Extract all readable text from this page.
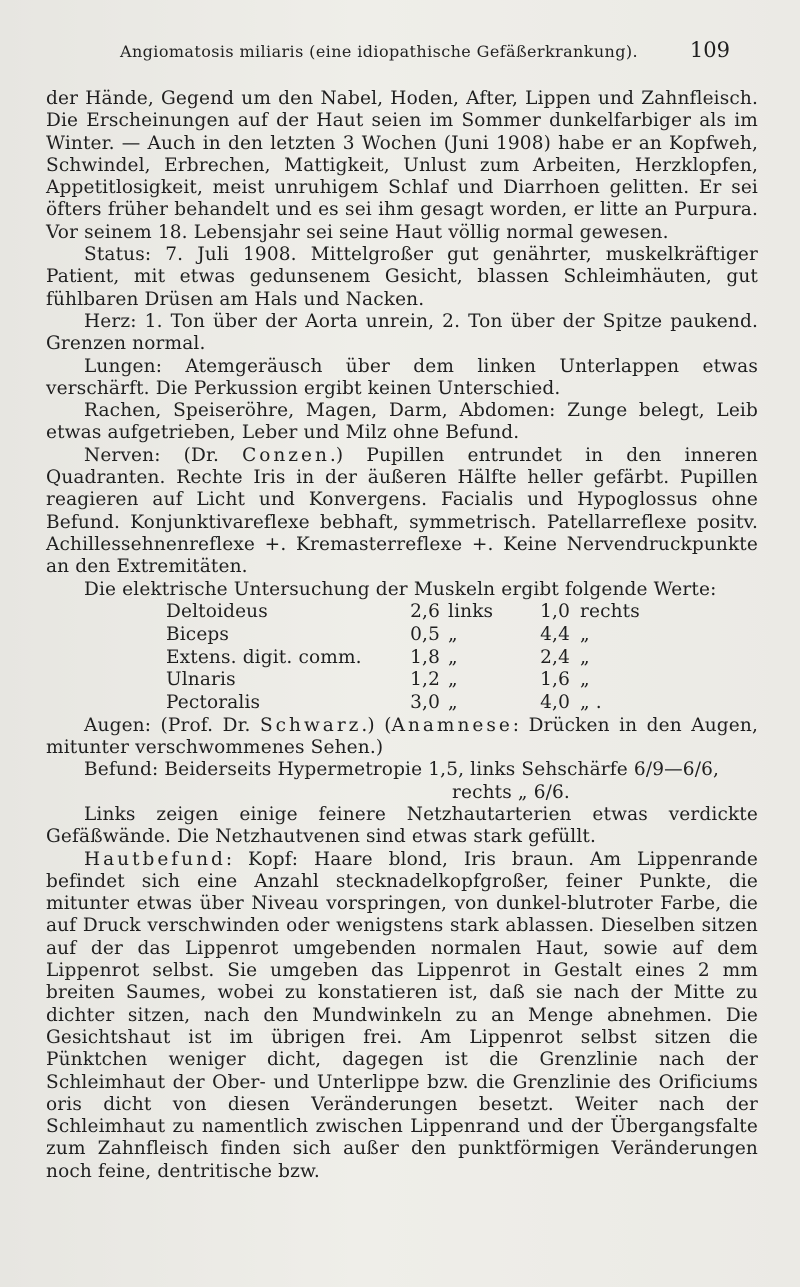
Angiomatosis miliaris (eine idiopathische Gefäßerkrankung). 109

der Hände, Gegend um den Nabel, Hoden, After, Lippen und Zahnfleisch. Die Erscheinungen auf der Haut seien im Sommer dunkelfarbiger als im Winter. — Auch in den letzten 3 Wochen (Juni 1908) habe er an Kopfweh, Schwindel, Erbrechen, Mattigkeit, Unlust zum Arbeiten, Herzklopfen, Appetitlosigkeit, meist unruhigem Schlaf und Diarrhoen gelitten. Er sei öfters früher behandelt und es sei ihm gesagt worden, er litte an Purpura. Vor seinem 18. Lebensjahr sei seine Haut völlig normal gewesen.

Status: 7. Juli 1908. Mittelgroßer gut genährter, muskelkräftiger Patient, mit etwas gedunsenem Gesicht, blassen Schleimhäuten, gut fühlbaren Drüsen am Hals und Nacken.

Herz: 1. Ton über der Aorta unrein, 2. Ton über der Spitze paukend. Grenzen normal.

Lungen: Atemgeräusch über dem linken Unterlappen etwas verschärft. Die Perkussion ergibt keinen Unterschied.

Rachen, Speiseröhre, Magen, Darm, Abdomen: Zunge belegt, Leib etwas aufgetrieben, Leber und Milz ohne Befund.

Nerven: (Dr. Conzen.) Pupillen entrundet in den inneren Quadranten. Rechte Iris in der äußeren Hälfte heller gefärbt. Pupillen reagieren auf Licht und Konvergens. Facialis und Hypoglossus ohne Befund. Konjunktivareflexe bebhaft, symmetrisch. Patellarreflexe positv. Achillessehnenreflexe +. Kremasterreflexe +. Keine Nervendruckpunkte an den Extremitäten.

Die elektrische Untersuchung der Muskeln ergibt folgende Werte:

Deltoideus	2,6	links	1,0	rechts
Biceps	0,5	„	4,4	„
Extens. digit. comm.	1,8	„	2,4	„
Ulnaris	1,2	„	1,6	„
Pectoralis	3,0	„	4,0	„ .

Augen: (Prof. Dr. Schwarz.) (Anamnese: Drücken in den Augen, mitunter verschwommenes Sehen.)

Befund: Beiderseits Hypermetropie 1,5, links Sehschärfe 6/9—6/6,
rechts „ 6/6.

Links zeigen einige feinere Netzhautarterien etwas verdickte Gefäßwände. Die Netzhautvenen sind etwas stark gefüllt.

Hautbefund: Kopf: Haare blond, Iris braun. Am Lippenrande befindet sich eine Anzahl stecknadelkopfgroßer, feiner Punkte, die mitunter etwas über Niveau vorspringen, von dunkel-blutroter Farbe, die auf Druck verschwinden oder wenigstens stark ablassen. Dieselben sitzen auf der das Lippenrot umgebenden normalen Haut, sowie auf dem Lippenrot selbst. Sie umgeben das Lippenrot in Gestalt eines 2 mm breiten Saumes, wobei zu konstatieren ist, daß sie nach der Mitte zu dichter sitzen, nach den Mundwinkeln zu an Menge abnehmen. Die Gesichtshaut ist im übrigen frei. Am Lippenrot selbst sitzen die Pünktchen weniger dicht, dagegen ist die Grenzlinie nach der Schleimhaut der Ober- und Unterlippe bzw. die Grenzlinie des Orificiums oris dicht von diesen Veränderungen besetzt. Weiter nach der Schleimhaut zu namentlich zwischen Lippenrand und der Übergangsfalte zum Zahnfleisch finden sich außer den punktförmigen Veränderungen noch feine, dentritische bzw.
